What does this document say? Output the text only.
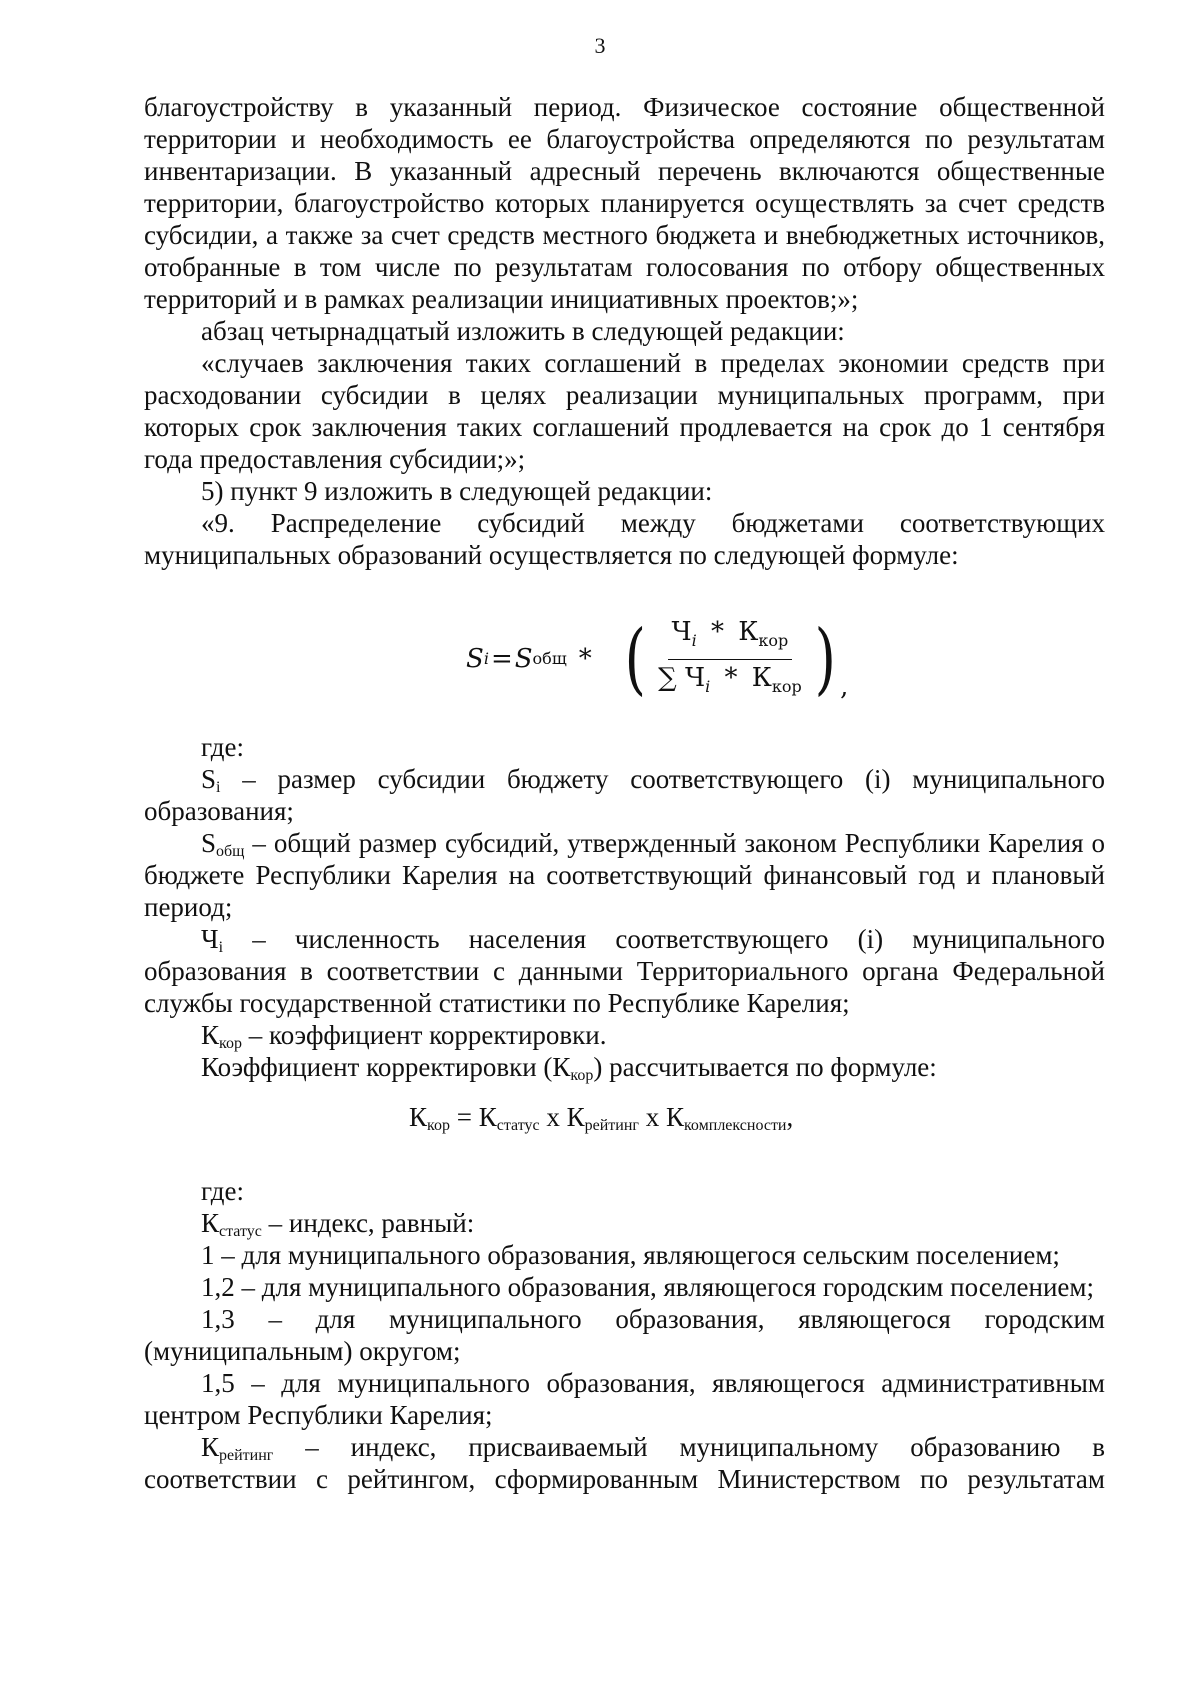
3

благоустройству в указанный период. Физическое состояние общественной территории и необходимость ее благоустройства определяются по результатам инвентаризации. В указанный адресный перечень включаются общественные территории, благоустройство которых планируется осуществлять за счет средств субсидии, а также за счет средств местного бюджета и внебюджетных источников, отобранные в том числе по результатам голосования по отбору общественных территорий и в рамках реализации инициативных проектов;»;

абзац четырнадцатый изложить в следующей редакции:

«случаев заключения таких соглашений в пределах экономии средств при расходовании субсидии в целях реализации муниципальных программ, при которых срок заключения таких соглашений продлевается на срок до 1 сентября года предоставления субсидии;»;

5) пункт 9 изложить в следующей редакции:

«9. Распределение субсидий между бюджетами соответствующих муниципальных образований осуществляется по следующей формуле:

S i = S общ * ( $\frac{Ч_i * К_{кор}}{\sum Ч_i * К_{кор}}$ ) ,

где:

$S_i$ – размер субсидии бюджету соответствующего (i) муниципального образования;

$S_{общ}$ – общий размер субсидий, утвержденный законом Республики Карелия о бюджете Республики Карелия на соответствующий финансовый год и плановый период;

$Ч_i$ – численность населения соответствующего (i) муниципального образования в соответствии с данными Территориального органа Федеральной службы государственной статистики по Республике Карелия;

$К_{кор}$ – коэффициент корректировки.

Коэффициент корректировки $(К_{кор})$ рассчитывается по формуле:

$К_{кор} = К_{статус}$ x $К_{рейтинг}$ x $К_{комплексности}$,

где:

$К_{статус}$ – индекс, равный:

1 – для муниципального образования, являющегося сельским поселением;

1,2 – для муниципального образования, являющегося городским поселением;

1,3 – для муниципального образования, являющегося городским (муниципальным) округом;

1,5 – для муниципального образования, являющегося административным центром Республики Карелия;

$К_{рейтинг}$ – индекс, присваиваемый муниципальному образованию в соответствии с рейтингом, сформированным Министерством по результатам
